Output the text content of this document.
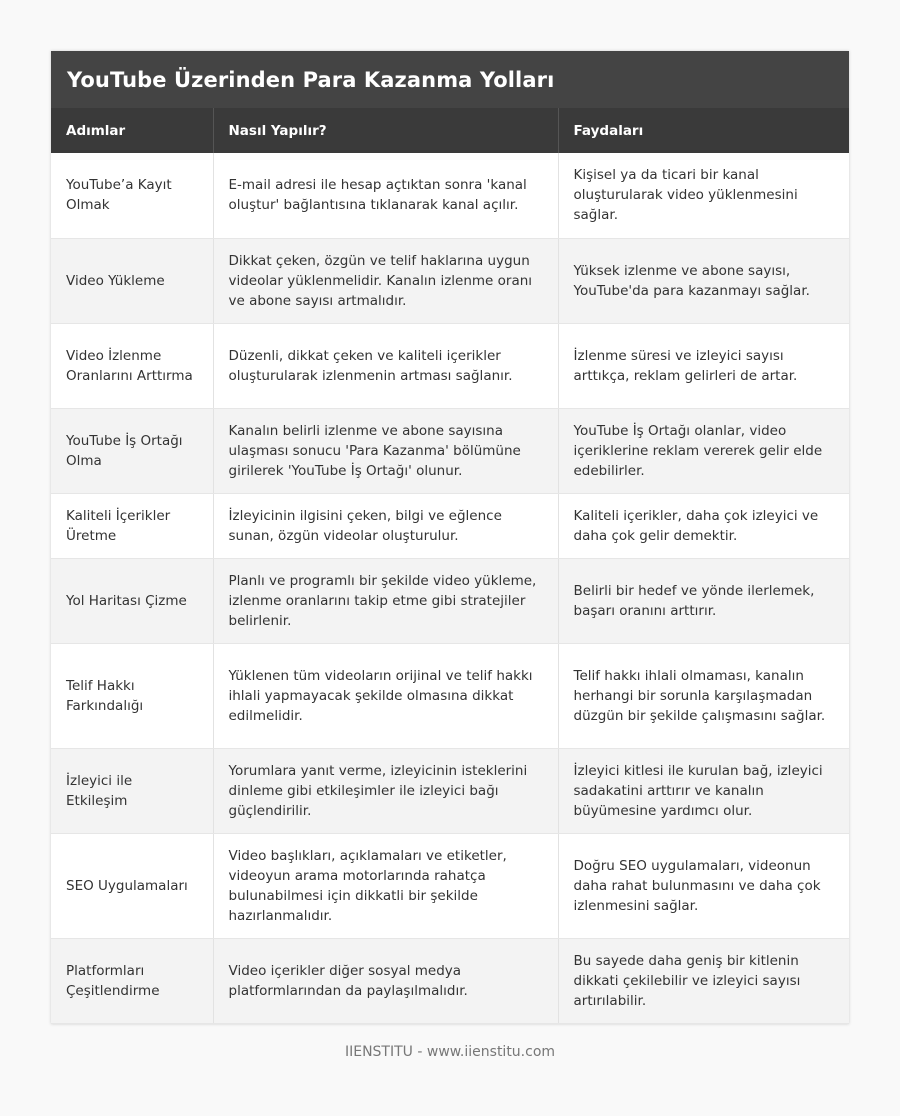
YouTube Üzerinden Para Kazanma Yolları
Adımlar	Nasıl Yapılır?	Faydaları
YouTube’a Kayıt Olmak	E-mail adresi ile hesap açtıktan sonra 'kanal oluştur' bağlantısına tıklanarak kanal açılır.	Kişisel ya da ticari bir kanal oluşturularak video yüklenmesini sağlar.
Video Yükleme	Dikkat çeken, özgün ve telif haklarına uygun videolar yüklenmelidir. Kanalın izlenme oranı ve abone sayısı artmalıdır.	Yüksek izlenme ve abone sayısı, YouTube'da para kazanmayı sağlar.
Video İzlenme Oranlarını Arttırma	Düzenli, dikkat çeken ve kaliteli içerikler oluşturularak izlenmenin artması sağlanır.	İzlenme süresi ve izleyici sayısı arttıkça, reklam gelirleri de artar.
YouTube İş Ortağı Olma	Kanalın belirli izlenme ve abone sayısına ulaşması sonucu 'Para Kazanma' bölümüne girilerek 'YouTube İş Ortağı' olunur.	YouTube İş Ortağı olanlar, video içeriklerine reklam vererek gelir elde edebilirler.
Kaliteli İçerikler Üretme	İzleyicinin ilgisini çeken, bilgi ve eğlence sunan, özgün videolar oluşturulur.	Kaliteli içerikler, daha çok izleyici ve daha çok gelir demektir.
Yol Haritası Çizme	Planlı ve programlı bir şekilde video yükleme, izlenme oranlarını takip etme gibi stratejiler belirlenir.	Belirli bir hedef ve yönde ilerlemek, başarı oranını arttırır.
Telif Hakkı Farkındalığı	Yüklenen tüm videoların orijinal ve telif hakkı ihlali yapmayacak şekilde olmasına dikkat edilmelidir.	Telif hakkı ihlali olmaması, kanalın herhangi bir sorunla karşılaşmadan düzgün bir şekilde çalışmasını sağlar.
İzleyici ile Etkileşim	Yorumlara yanıt verme, izleyicinin isteklerini dinleme gibi etkileşimler ile izleyici bağı güçlendirilir.	İzleyici kitlesi ile kurulan bağ, izleyici sadakatini arttırır ve kanalın büyümesine yardımcı olur.
SEO Uygulamaları	Video başlıkları, açıklamaları ve etiketler, videoyun arama motorlarında rahatça bulunabilmesi için dikkatli bir şekilde hazırlanmalıdır.	Doğru SEO uygulamaları, videonun daha rahat bulunmasını ve daha çok izlenmesini sağlar.
Platformları Çeşitlendirme	Video içerikler diğer sosyal medya platformlarından da paylaşılmalıdır.	Bu sayede daha geniş bir kitlenin dikkati çekilebilir ve izleyici sayısı artırılabilir.
IIENSTITU - www.iienstitu.com
